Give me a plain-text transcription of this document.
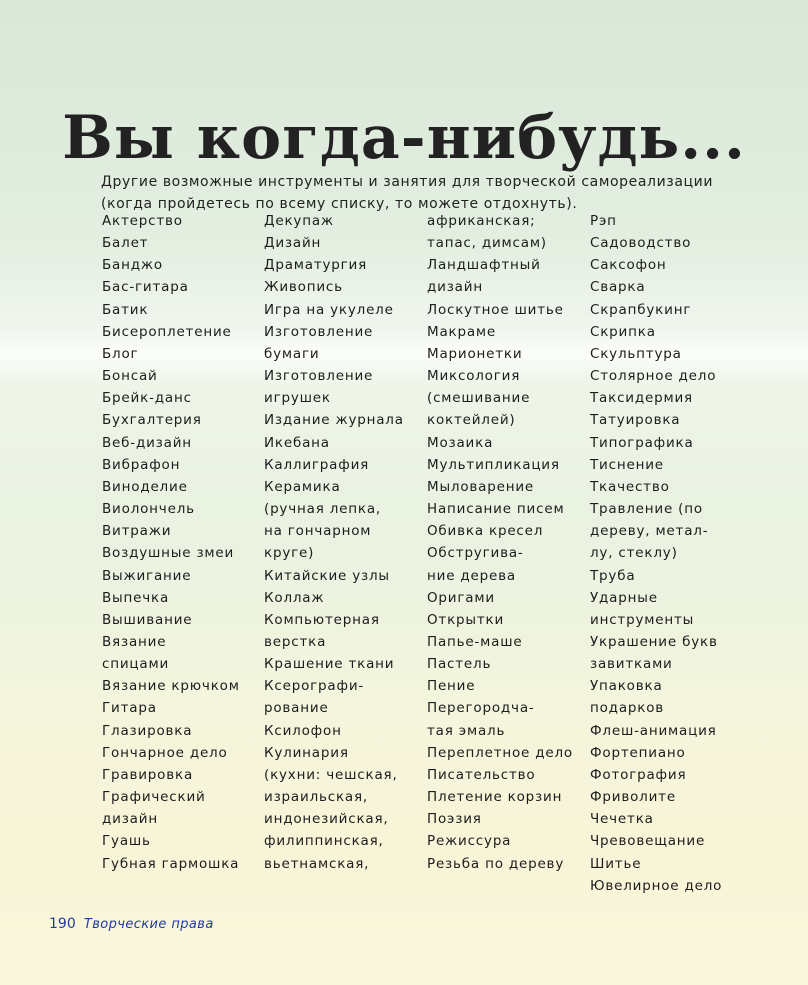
Вы когда-нибудь...

Другие возможные инструменты и занятия для творческой самореализации (когда пройдетесь по всему списку, то можете отдохнуть).

Актерство
Балет
Банджо
Бас-гитара
Батик
Бисероплетение
Блог
Бонсай
Брейк-данс
Бухгалтерия
Веб-дизайн
Вибрафон
Виноделие
Виолончель
Витражи
Воздушные змеи
Выжигание
Выпечка
Вышивание
Вязание
спицами
Вязание крючком
Гитара
Глазировка
Гончарное дело
Гравировка
Графический
дизайн
Гуашь
Губная гармошка
Декупаж
Дизайн
Драматургия
Живопись
Игра на укулеле
Изготовление
бумаги
Изготовление
игрушек
Издание журнала
Икебана
Каллиграфия
Керамика
(ручная лепка,
на гончарном
круге)
Китайские узлы
Коллаж
Компьютерная
верстка
Крашение ткани
Ксерографи-
рование
Ксилофон
Кулинария
(кухни: чешская,
израильская,
индонезийская,
филиппинская,
вьетнамская,
африканская;
тапас, димсам)
Ландшафтный
дизайн
Лоскутное шитье
Макраме
Марионетки
Миксология
(смешивание
коктейлей)
Мозаика
Мультипликация
Мыловарение
Написание писем
Обивка кресел
Обстругива-
ние дерева
Оригами
Открытки
Папье-маше
Пастель
Пение
Перегородча-
тая эмаль
Переплетное дело
Писательство
Плетение корзин
Поэзия
Режиссура
Резьба по дереву
Рэп
Садоводство
Саксофон
Сварка
Скрапбукинг
Скрипка
Скульптура
Столярное дело
Таксидермия
Татуировка
Типографика
Тиснение
Ткачество
Травление (по
дереву, метал-
лу, стеклу)
Труба
Ударные
инструменты
Украшение букв
завитками
Упаковка
подарков
Флеш-анимация
Фортепиано
Фотография
Фриволите
Чечетка
Чревовещание
Шитье
Ювелирное дело
190 Творческие права
